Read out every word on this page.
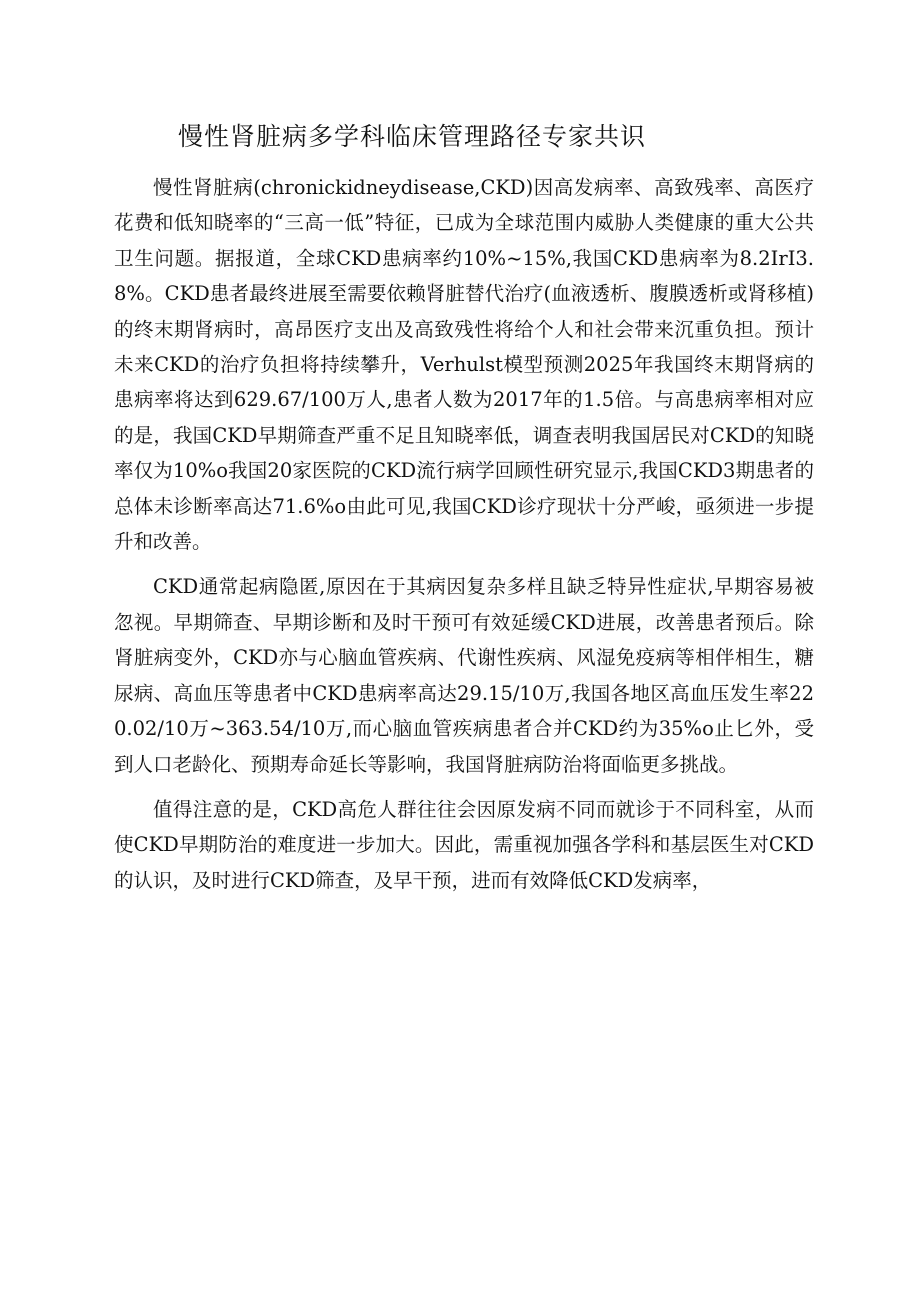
慢性肾脏病多学科临床管理路径专家共识

慢性肾脏病(chronickidneydisease,CKD)因高发病率、高致残率、高医疗花费和低知晓率的“三高一低”特征，已成为全球范围内威胁人类健康的重大公共卫生问题。据报道，全球CKD患病率约10%~15%,我国CKD患病率为8.2IrI3.8%。CKD患者最终进展至需要依赖肾脏替代治疗(血液透析、腹膜透析或肾移植)的终末期肾病时，高昂医疗支出及高致残性将给个人和社会带来沉重负担。预计未来CKD的治疗负担将持续攀升，Verhulst模型预测2025年我国终末期肾病的患病率将达到629.67/100万人,患者人数为2017年的1.5倍。与高患病率相对应的是，我国CKD早期筛查严重不足且知晓率低，调查表明我国居民对CKD的知晓率仅为10%o我国20家医院的CKD流行病学回顾性研究显示,我国CKD3期患者的总体未诊断率高达71.6%o由此可见,我国CKD诊疗现状十分严峻，亟须进一步提升和改善。

CKD通常起病隐匿,原因在于其病因复杂多样且缺乏特异性症状,早期容易被忽视。早期筛查、早期诊断和及时干预可有效延缓CKD进展，改善患者预后。除肾脏病变外，CKD亦与心脑血管疾病、代谢性疾病、风湿免疫病等相伴相生，糖尿病、高血压等患者中CKD患病率高达29.15/10万,我国各地区高血压发生率220.02/10万~363.54/10万,而心脑血管疾病患者合并CKD约为35%o止匕外，受到人口老龄化、预期寿命延长等影响，我国肾脏病防治将面临更多挑战。

值得注意的是，CKD高危人群往往会因原发病不同而就诊于不同科室，从而使CKD早期防治的难度进一步加大。因此，需重视加强各学科和基层医生对CKD的认识，及时进行CKD筛查，及早干预，进而有效降低CKD发病率，
